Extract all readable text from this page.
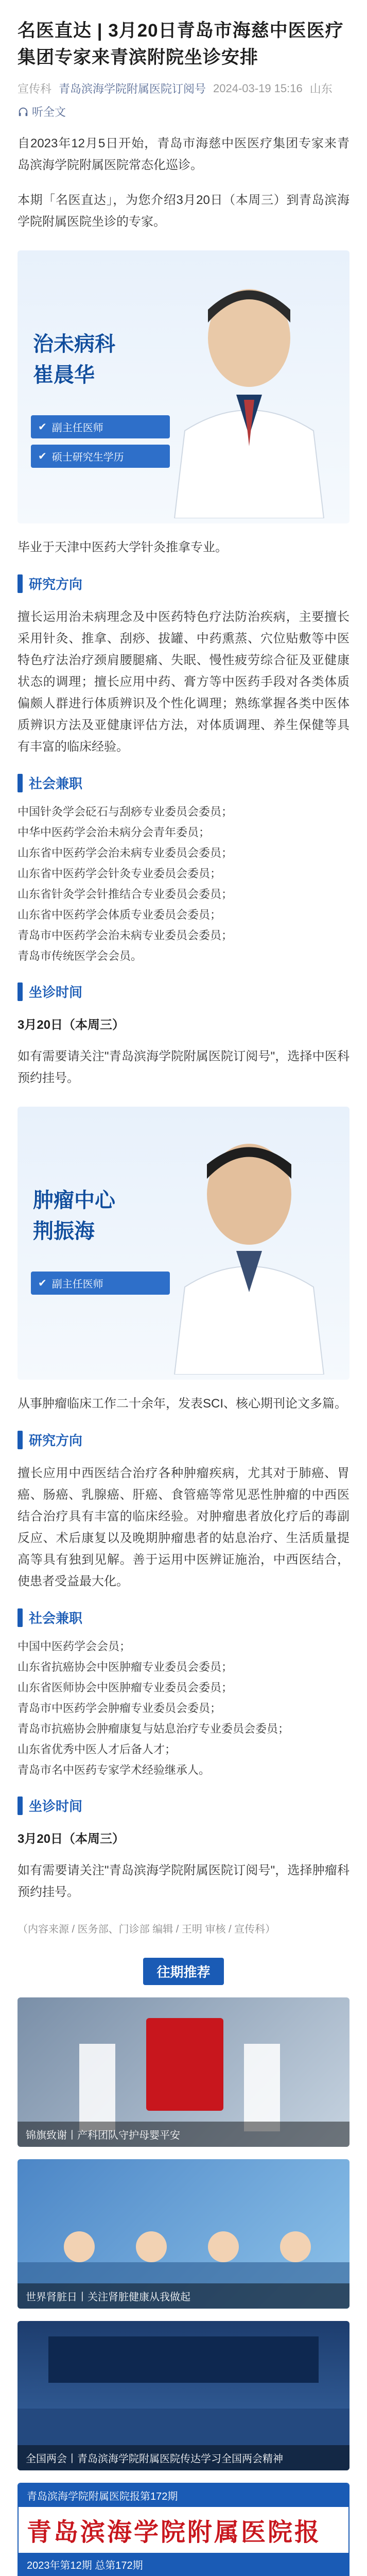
名医直达 | 3月20日青岛市海慈中医医疗集团专家来青滨附院坐诊安排
宣传科 青岛滨海学院附属医院订阅号 2024-03-19 15:16 山东
听全文

自2023年12月5日开始，青岛市海慈中医医疗集团专家来青岛滨海学院附属医院常态化巡诊。

本期「名医直达」，为您介绍3月20日（本周三）到青岛滨海学院附属医院坐诊的专家。

治未病科
崔晨华
✔ 副主任医师
✔ 硕士研究生学历

毕业于天津中医药大学针灸推拿专业。

研究方向

擅长运用治未病理念及中医药特色疗法防治疾病，主要擅长采用针灸、推拿、刮痧、拔罐、中药熏蒸、穴位贴敷等中医特色疗法治疗颈肩腰腿痛、失眠、慢性疲劳综合征及亚健康状态的调理；擅长应用中药、膏方等中医药手段对各类体质偏颇人群进行体质辨识及个性化调理；熟练掌握各类中医体质辨识方法及亚健康评估方法，对体质调理、养生保健等具有丰富的临床经验。

社会兼职

中国针灸学会砭石与刮痧专业委员会委员；

中华中医药学会治未病分会青年委员；

山东省中医药学会治未病专业委员会委员；

山东省中医药学会针灸专业委员会委员；

山东省针灸学会针推结合专业委员会委员；

山东省中医药学会体质专业委员会委员；

青岛市中医药学会治未病专业委员会委员；

青岛市传统医学会会员。

坐诊时间

3月20日（本周三）

如有需要请关注"青岛滨海学院附属医院订阅号"，选择中医科预约挂号。

肿瘤中心
荆振海
✔ 副主任医师

从事肿瘤临床工作二十余年，发表SCI、核心期刊论文多篇。

研究方向

擅长应用中西医结合治疗各种肿瘤疾病，尤其对于肺癌、胃癌、肠癌、乳腺癌、肝癌、食管癌等常见恶性肿瘤的中西医结合治疗具有丰富的临床经验。对肿瘤患者放化疗后的毒副反应、术后康复以及晚期肿瘤患者的姑息治疗、生活质量提高等具有独到见解。善于运用中医辨证施治，中西医结合，使患者受益最大化。

社会兼职

中国中医药学会会员；

山东省抗癌协会中医肿瘤专业委员会委员；

山东省医师协会中医肿瘤专业委员会委员；

青岛市中医药学会肿瘤专业委员会委员；

青岛市抗癌协会肿瘤康复与姑息治疗专业委员会委员；

山东省优秀中医人才后备人才；

青岛市名中医药专家学术经验继承人。

坐诊时间

3月20日（本周三）

如有需要请关注"青岛滨海学院附属医院订阅号"，选择肿瘤科预约挂号。

（内容来源 / 医务部、门诊部 编辑 / 王明 审核 / 宣传科）

往期推荐
锦旗致谢丨产科团队守护母婴平安
世界肾脏日丨关注肾脏健康从我做起
全国两会丨青岛滨海学院附属医院传达学习全国两会精神
青岛滨海学院附属医院报第172期
青岛滨海学院附属医院报
2023年第12期 总第172期
